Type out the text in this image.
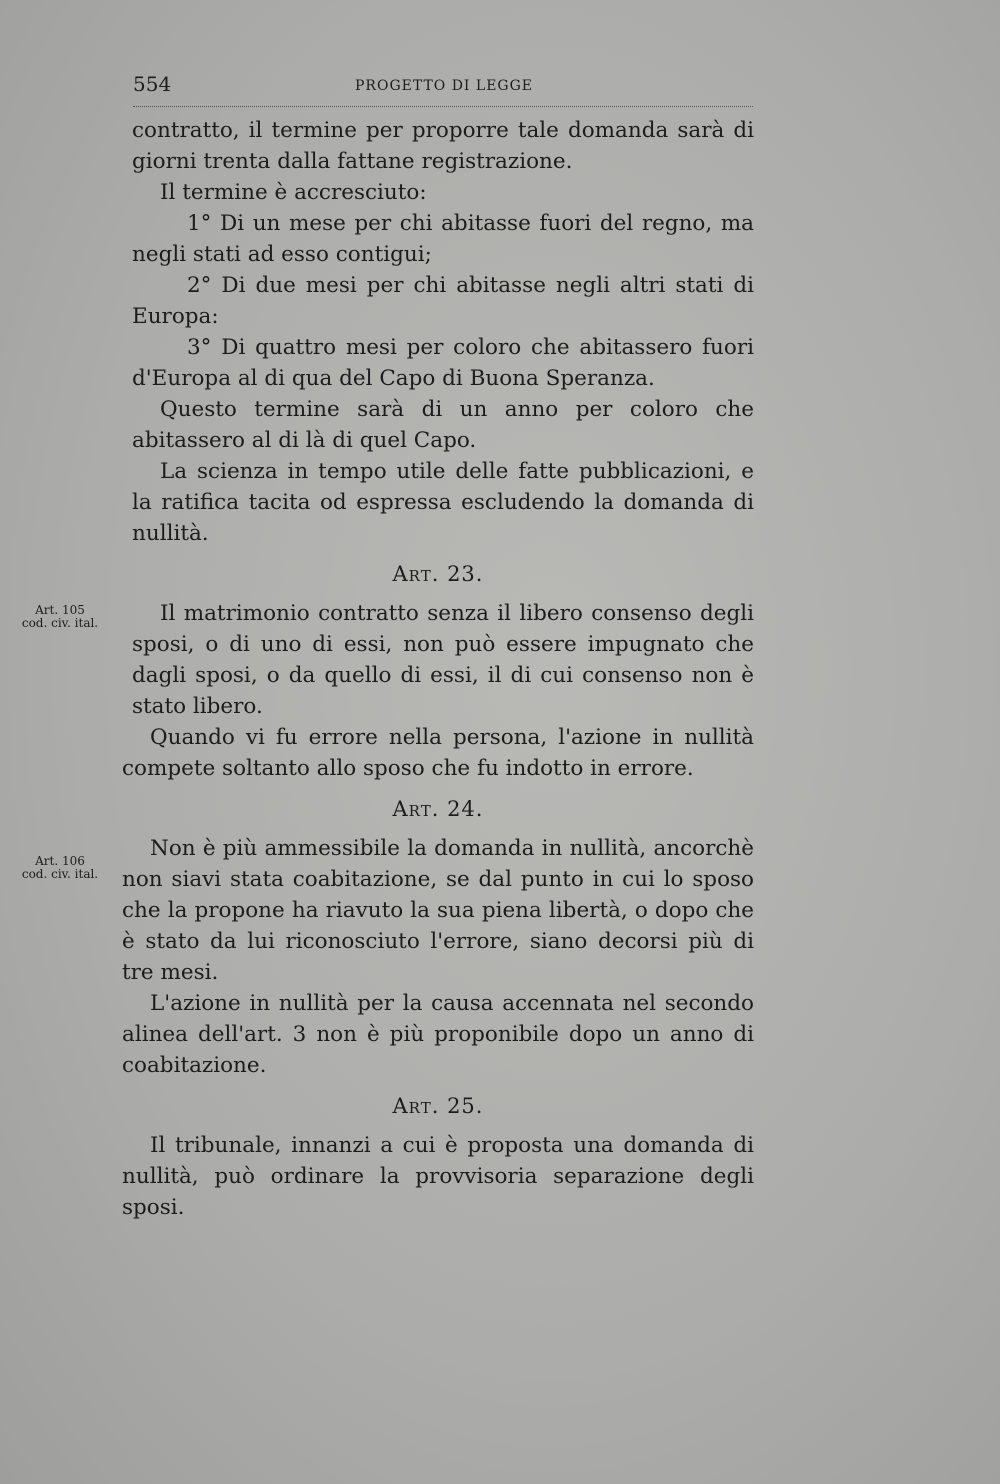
554	PROGETTO DI LEGGE
Art. 105
cod. civ. ital.
Art. 106
cod. civ. ital.

contratto, il termine per proporre tale domanda sarà di giorni trenta dalla fattane registrazione.

Il termine è accresciuto:

1° Di un mese per chi abitasse fuori del regno, ma negli stati ad esso contigui;

2° Di due mesi per chi abitasse negli altri stati di Europa:

3° Di quattro mesi per coloro che abitassero fuori d'Europa al di qua del Capo di Buona Speranza.

Questo termine sarà di un anno per coloro che abitassero al di là di quel Capo.

La scienza in tempo utile delle fatte pubblicazioni, e la ratifica tacita od espressa escludendo la domanda di nullità.

Art. 23.

Il matrimonio contratto senza il libero consenso degli sposi, o di uno di essi, non può essere impugnato che dagli sposi, o da quello di essi, il di cui consenso non è stato libero.

Quando vi fu errore nella persona, l'azione in nullità compete soltanto allo sposo che fu indotto in errore.

Art. 24.

Non è più ammessibile la domanda in nullità, ancorchè non siavi stata coabitazione, se dal punto in cui lo sposo che la propone ha riavuto la sua piena libertà, o dopo che è stato da lui riconosciuto l'errore, siano decorsi più di tre mesi.

L'azione in nullità per la causa accennata nel secondo alinea dell'art. 3 non è più proponibile dopo un anno di coabitazione.

Art. 25.

Il tribunale, innanzi a cui è proposta una domanda di nullità, può ordinare la provvisoria separazione degli sposi.
